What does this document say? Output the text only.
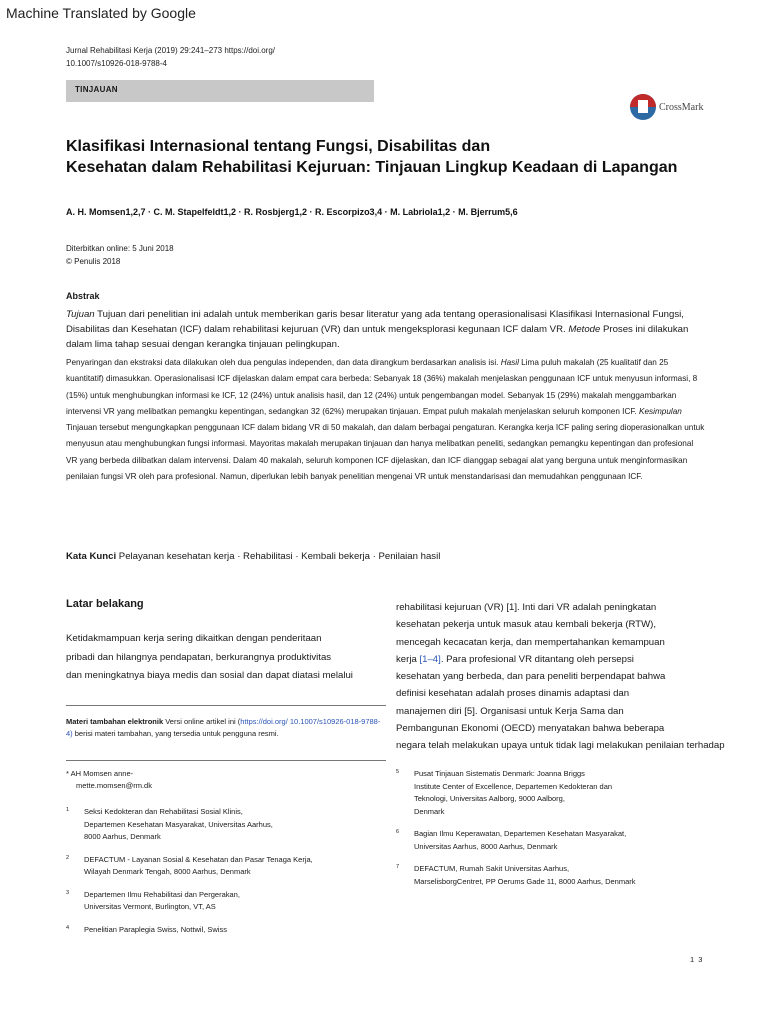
Machine Translated by Google
Jurnal Rehabilitasi Kerja (2019) 29:241–273 https://doi.org/
10.1007/s10926-018-9788-4
TINJAUAN
CrossMark
Klasifikasi Internasional tentang Fungsi, Disabilitas dan
Kesehatan dalam Rehabilitasi Kejuruan: Tinjauan Lingkup Keadaan di Lapangan
A. H. Momsen1,2,7 · C. M. Stapelfeldt1,2 · R. Rosbjerg1,2 · R. Escorpizo3,4 · M. Labriola1,2 · M. Bjerrum5,6
Diterbitkan online: 5 Juni 2018
© Penulis 2018
Abstrak
Tujuan Tujuan dari penelitian ini adalah untuk memberikan garis besar literatur yang ada tentang operasionalisasi Klasifikasi Internasional Fungsi, Disabilitas dan Kesehatan (ICF) dalam rehabilitasi kejuruan (VR) dan untuk mengeksplorasi kegunaan ICF dalam VR. Metode Proses ini dilakukan dalam lima tahap sesuai dengan kerangka tinjauan pelingkupan.
Penyaringan dan ekstraksi data dilakukan oleh dua pengulas independen, dan data dirangkum berdasarkan analisis isi. Hasil Lima puluh makalah (25 kualitatif dan 25 kuantitatif) dimasukkan. Operasionalisasi ICF dijelaskan dalam empat cara berbeda: Sebanyak 18 (36%) makalah menjelaskan penggunaan ICF untuk menyusun informasi, 8 (15%) untuk menghubungkan informasi ke ICF, 12 (24%) untuk analisis hasil, dan 12 (24%) untuk pengembangan model. Sebanyak 15 (29%) makalah menggambarkan intervensi VR yang melibatkan pemangku kepentingan, sedangkan 32 (62%) merupakan tinjauan. Empat puluh makalah menjelaskan seluruh komponen ICF. Kesimpulan Tinjauan tersebut mengungkapkan penggunaan ICF dalam bidang VR di 50 makalah, dan dalam berbagai pengaturan. Kerangka kerja ICF paling sering dioperasionalkan untuk menyusun atau menghubungkan fungsi informasi. Mayoritas makalah merupakan tinjauan dan hanya melibatkan peneliti, sedangkan pemangku kepentingan dan profesional VR yang berbeda dilibatkan dalam intervensi. Dalam 40 makalah, seluruh komponen ICF dijelaskan, dan ICF dianggap sebagai alat yang berguna untuk menginformasikan penilaian fungsi VR oleh para profesional. Namun, diperlukan lebih banyak penelitian mengenai VR untuk menstandarisasi dan memudahkan penggunaan ICF.
Kata Kunci Pelayanan kesehatan kerja · Rehabilitasi · Kembali bekerja · Penilaian hasil
Latar belakang
Ketidakmampuan kerja sering dikaitkan dengan penderitaan
pribadi dan hilangnya pendapatan, berkurangnya produktivitas
dan meningkatnya biaya medis dan sosial dan dapat diatasi melalui
rehabilitasi kejuruan (VR) [1]. Inti dari VR adalah peningkatan
kesehatan pekerja untuk masuk atau kembali bekerja (RTW),
mencegah kecacatan kerja, dan mempertahankan kemampuan
kerja [1–4]. Para profesional VR ditantang oleh persepsi
kesehatan yang berbeda, dan para peneliti berpendapat bahwa
definisi kesehatan adalah proses dinamis adaptasi dan
manajemen diri [5]. Organisasi untuk Kerja Sama dan
Pembangunan Ekonomi (OECD) menyatakan bahwa beberapa
negara telah melakukan upaya untuk tidak lagi melakukan penilaian terhadap
Materi tambahan elektronik Versi online artikel ini (https://doi.org/ 10.1007/s10926-018-9788-4) berisi materi tambahan, yang tersedia untuk pengguna resmi.
* AH Momsen anne-
mette.momsen@rm.dk
1 Seksi Kedokteran dan Rehabilitasi Sosial Klinis,
Departemen Kesehatan Masyarakat, Universitas Aarhus,
8000 Aarhus, Denmark
2 DEFACTUM - Layanan Sosial & Kesehatan dan Pasar Tenaga Kerja,
Wilayah Denmark Tengah, 8000 Aarhus, Denmark
3 Departemen Ilmu Rehabilitasi dan Pergerakan,
Universitas Vermont, Burlington, VT, AS
4 Penelitian Paraplegia Swiss, Nottwil, Swiss
5 Pusat Tinjauan Sistematis Denmark: Joanna Briggs
Institute Center of Excellence, Departemen Kedokteran dan
Teknologi, Universitas Aalborg, 9000 Aalborg,
Denmark
6 Bagian Ilmu Keperawatan, Departemen Kesehatan Masyarakat,
Universitas Aarhus, 8000 Aarhus, Denmark
7 DEFACTUM, Rumah Sakit Universitas Aarhus,
MarselisborgCentret, PP Oerums Gade 11, 8000 Aarhus, Denmark
1 3
